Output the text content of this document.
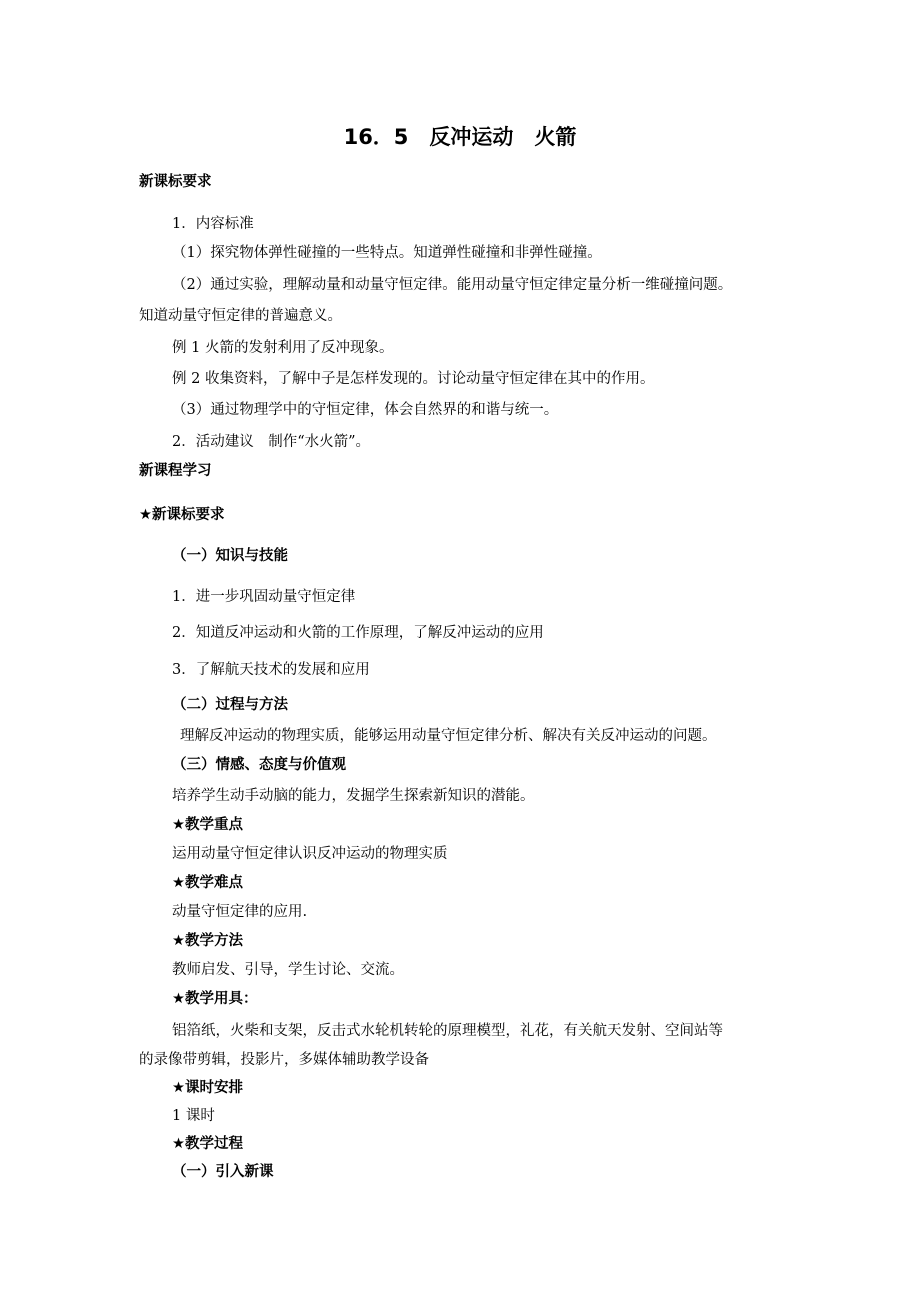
16．5　反冲运动　火箭
新课标要求
1．内容标准
（1）探究物体弹性碰撞的一些特点。知道弹性碰撞和非弹性碰撞。
（2）通过实验，理解动量和动量守恒定律。能用动量守恒定律定量分析一维碰撞问题。
知道动量守恒定律的普遍意义。
例 1 火箭的发射利用了反冲现象。
例 2 收集资料，了解中子是怎样发现的。讨论动量守恒定律在其中的作用。
（3）通过物理学中的守恒定律，体会自然界的和谐与统一。
2．活动建议　制作“水火箭”。
新课程学习
★新课标要求
（一）知识与技能
1．进一步巩固动量守恒定律
2．知道反冲运动和火箭的工作原理，了解反冲运动的应用
3．了解航天技术的发展和应用
（二）过程与方法
理解反冲运动的物理实质，能够运用动量守恒定律分析、解决有关反冲运动的问题。
（三）情感、态度与价值观
培养学生动手动脑的能力，发掘学生探索新知识的潜能。
★教学重点
运用动量守恒定律认识反冲运动的物理实质
★教学难点
动量守恒定律的应用.
★教学方法
教师启发、引导，学生讨论、交流。
★教学用具：
铝箔纸，火柴和支架，反击式水轮机转轮的原理模型，礼花，有关航天发射、空间站等
的录像带剪辑，投影片，多媒体辅助教学设备
★课时安排
1 课时
★教学过程
（一）引入新课
